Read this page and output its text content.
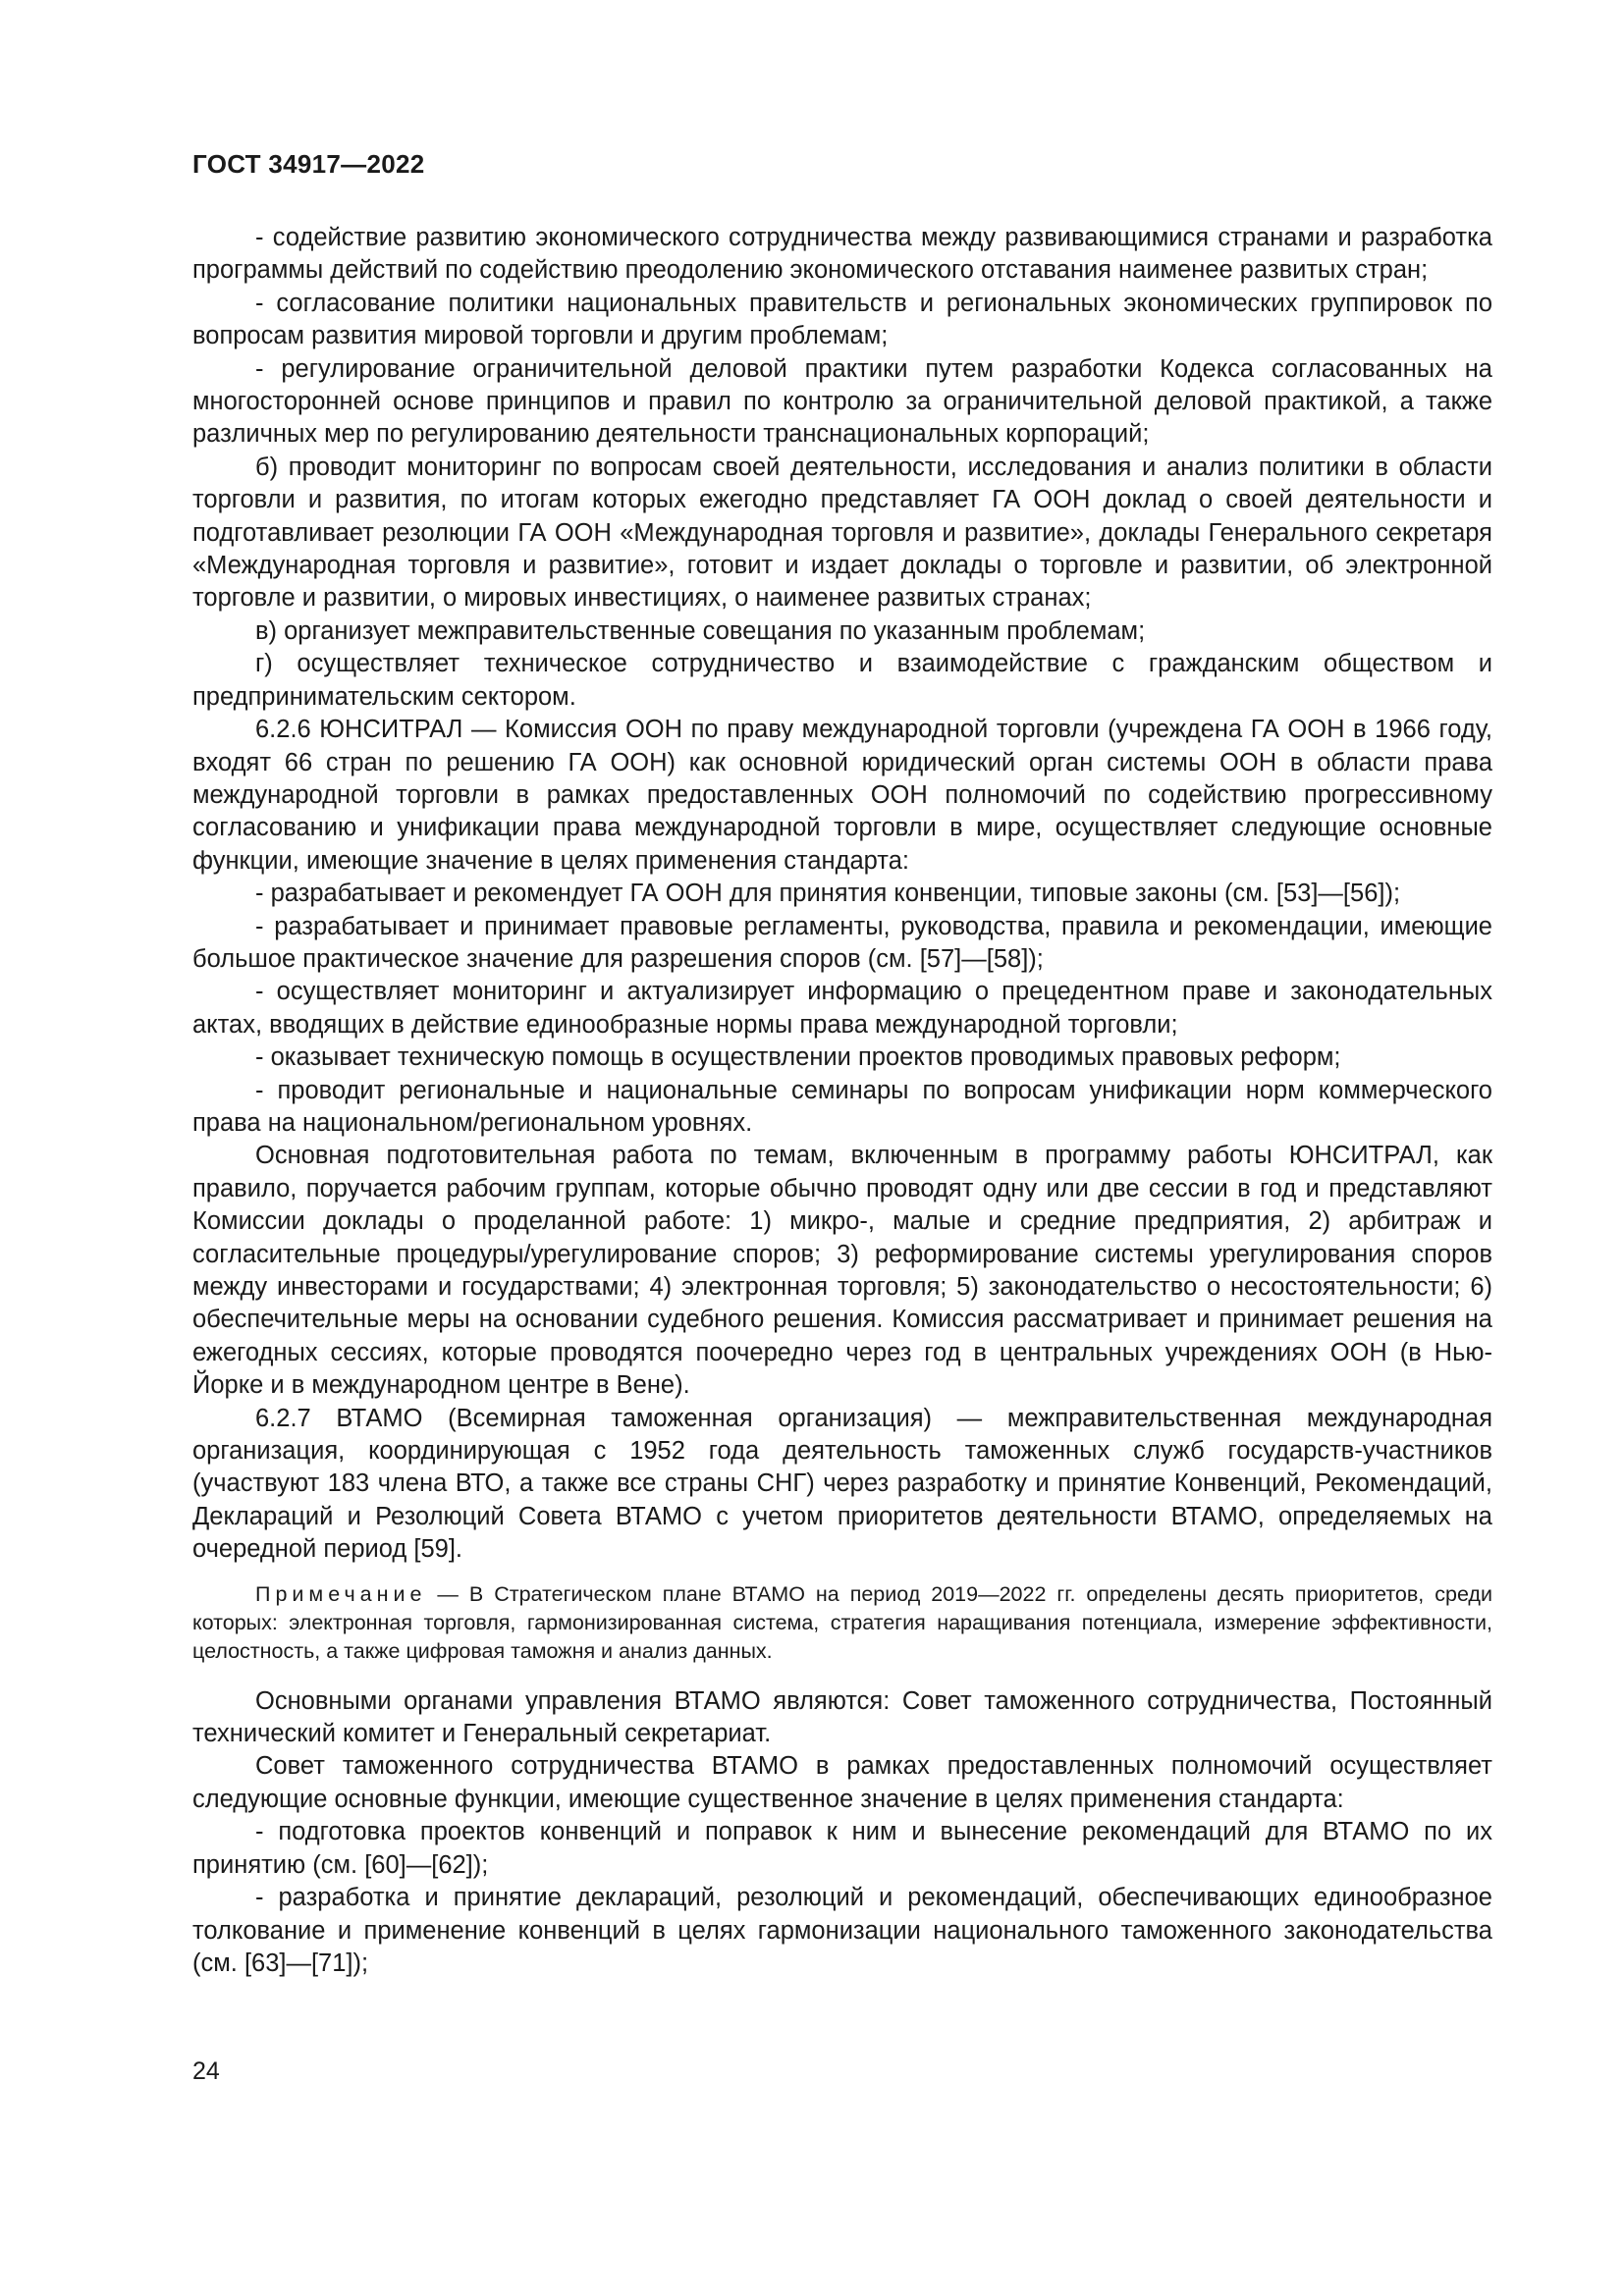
ГОСТ 34917—2022

- содействие развитию экономического сотрудничества между развивающимися странами и разработка программы действий по содействию преодолению экономического отставания наименее развитых стран;

- согласование политики национальных правительств и региональных экономических группировок по вопросам развития мировой торговли и другим проблемам;

- регулирование ограничительной деловой практики путем разработки Кодекса согласованных на многосторонней основе принципов и правил по контролю за ограничительной деловой практикой, а также различных мер по регулированию деятельности транснациональных корпораций;

б) проводит мониторинг по вопросам своей деятельности, исследования и анализ политики в области торговли и развития, по итогам которых ежегодно представляет ГА ООН доклад о своей деятельности и подготавливает резолюции ГА ООН «Международная торговля и развитие», доклады Генерального секретаря «Международная торговля и развитие», готовит и издает доклады о торговле и развитии, об электронной торговле и развитии, о мировых инвестициях, о наименее развитых странах;

в) организует межправительственные совещания по указанным проблемам;

г) осуществляет техническое сотрудничество и взаимодействие с гражданским обществом и предпринимательским сектором.

6.2.6 ЮНСИТРАЛ — Комиссия ООН по праву международной торговли (учреждена ГА ООН в 1966 году, входят 66 стран по решению ГА ООН) как основной юридический орган системы ООН в области права международной торговли в рамках предоставленных ООН полномочий по содействию прогрессивному согласованию и унификации права международной торговли в мире, осуществляет следующие основные функции, имеющие значение в целях применения стандарта:

- разрабатывает и рекомендует ГА ООН для принятия конвенции, типовые законы (см. [53]—[56]);

- разрабатывает и принимает правовые регламенты, руководства, правила и рекомендации, имеющие большое практическое значение для разрешения споров (см. [57]—[58]);

- осуществляет мониторинг и актуализирует информацию о прецедентном праве и законодательных актах, вводящих в действие единообразные нормы права международной торговли;

- оказывает техническую помощь в осуществлении проектов проводимых правовых реформ;

- проводит региональные и национальные семинары по вопросам унификации норм коммерческого права на национальном/региональном уровнях.

Основная подготовительная работа по темам, включенным в программу работы ЮНСИТРАЛ, как правило, поручается рабочим группам, которые обычно проводят одну или две сессии в год и представляют Комиссии доклады о проделанной работе: 1) микро-, малые и средние предприятия, 2) арбитраж и согласительные процедуры/урегулирование споров; 3) реформирование системы урегулирования споров между инвесторами и государствами; 4) электронная торговля; 5) законодательство о несостоятельности; 6) обеспечительные меры на основании судебного решения. Комиссия рассматривает и принимает решения на ежегодных сессиях, которые проводятся поочередно через год в центральных учреждениях ООН (в Нью-Йорке и в международном центре в Вене).

6.2.7 ВТАМО (Всемирная таможенная организация) — межправительственная международная организация, координирующая с 1952 года деятельность таможенных служб государств-участников (участвуют 183 члена ВТО, а также все страны СНГ) через разработку и принятие Конвенций, Рекомендаций, Деклараций и Резолюций Совета ВТАМО с учетом приоритетов деятельности ВТАМО, определяемых на очередной период [59].

Примечание — В Стратегическом плане ВТАМО на период 2019—2022 гг. определены десять приоритетов, среди которых: электронная торговля, гармонизированная система, стратегия наращивания потенциала, измерение эффективности, целостность, а также цифровая таможня и анализ данных.

Основными органами управления ВТАМО являются: Совет таможенного сотрудничества, Постоянный технический комитет и Генеральный секретариат.

Совет таможенного сотрудничества ВТАМО в рамках предоставленных полномочий осуществляет следующие основные функции, имеющие существенное значение в целях применения стандарта:

- подготовка проектов конвенций и поправок к ним и вынесение рекомендаций для ВТАМО по их принятию (см. [60]—[62]);

- разработка и принятие деклараций, резолюций и рекомендаций, обеспечивающих единообразное толкование и применение конвенций в целях гармонизации национального таможенного законодательства (см. [63]—[71]);

24
